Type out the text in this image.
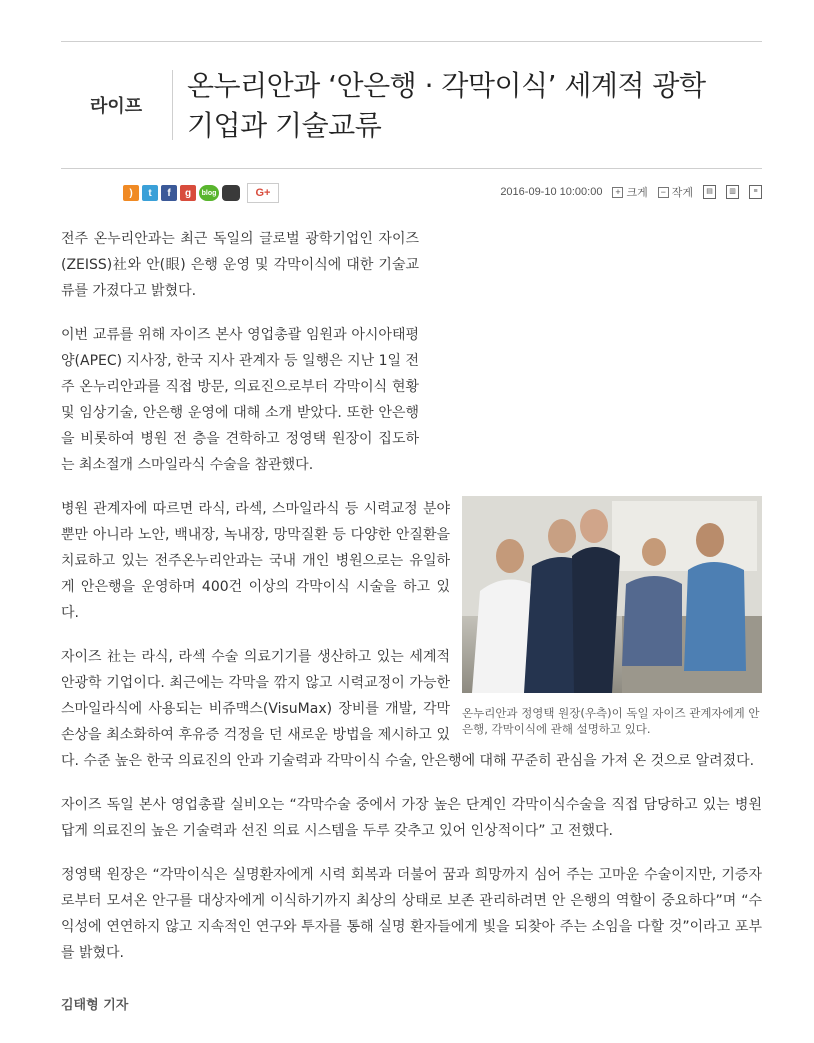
라이프
온누리안과 ‘안은행 · 각막이식’ 세계적 광학
기업과 기술교류
)	t	f	g	blog	G+	2016-09-10 10:00:00	+ 크게	− 작게	▤	▥	≡

전주 온누리안과는 최근 독일의 글로벌 광학기업인 자이즈(ZEISS)社와 안(眼) 은행 운영 및 각막이식에 대한 기술교류를 가졌다고 밝혔다.

이번 교류를 위해 자이즈 본사 영업총괄 임원과 아시아태평양(APEC) 지사장, 한국 지사 관계자 등 일행은 지난 1일 전주 온누리안과를 직접 방문, 의료진으로부터 각막이식 현황 및 임상기술, 안은행 운영에 대해 소개 받았다. 또한 안은행을 비롯하여 병원 전 층을 견학하고 정영택 원장이 집도하는 최소절개 스마일라식 수술을 참관했다.

온누리안과 정영택 원장(우측)이 독일 자이즈 관계자에게 안은행, 각막이식에 관해 설명하고 있다.

병원 관계자에 따르면 라식, 라섹, 스마일라식 등 시력교정 분야뿐만 아니라 노안, 백내장, 녹내장, 망막질환 등 다양한 안질환을 치료하고 있는 전주온누리안과는 국내 개인 병원으로는 유일하게 안은행을 운영하며 400건 이상의 각막이식 시술을 하고 있다.

자이즈 社는 라식, 라섹 수술 의료기기를 생산하고 있는 세계적 안광학 기업이다. 최근에는 각막을 깎지 않고 시력교정이 가능한 스마일라식에 사용되는 비쥬맥스(VisuMax) 장비를 개발, 각막손상을 최소화하여 후유증 걱정을 던 새로운 방법을 제시하고 있다. 수준 높은 한국 의료진의 안과 기술력과 각막이식 수술, 안은행에 대해 꾸준히 관심을 가져 온 것으로 알려졌다.

자이즈 독일 본사 영업총괄 실비오는 “각막수술 중에서 가장 높은 단계인 각막이식수술을 직접 담당하고 있는 병원답게 의료진의 높은 기술력과 선진 의료 시스템을 두루 갖추고 있어 인상적이다” 고 전했다.

정영택 원장은 “각막이식은 실명환자에게 시력 회복과 더불어 꿈과 희망까지 심어 주는 고마운 수술이지만, 기증자로부터 모셔온 안구를 대상자에게 이식하기까지 최상의 상태로 보존 관리하려면 안 은행의 역할이 중요하다”며 “수익성에 연연하지 않고 지속적인 연구와 투자를 통해 실명 환자들에게 빛을 되찾아 주는 소임을 다할 것”이라고 포부를 밝혔다.

김태형 기자
